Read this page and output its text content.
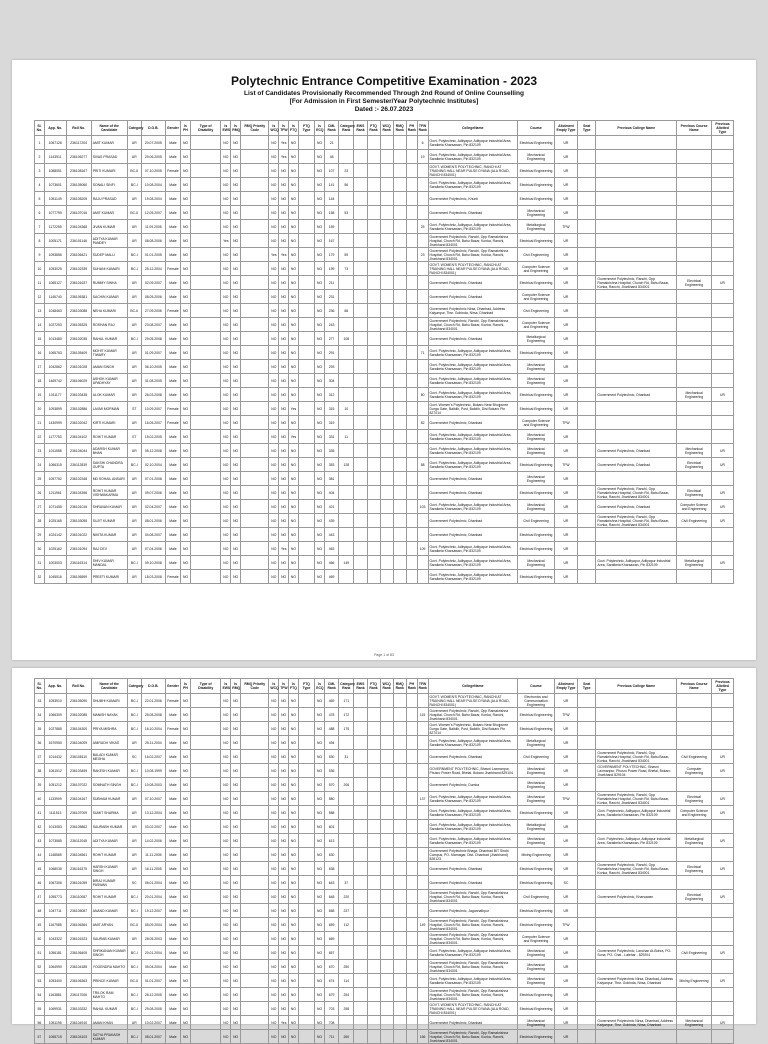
Polytechnic Entrance Competitive Examination - 2023
List of Candidates Provisionally Recommended Through 2nd Round of Online Counselling
[For Admission in First Semester/Year Polytechnic Institutes]
Dated :- 26.07.2023
Sl. No.	App. No.	Roll No.	Name of the Candidate	Category	D.O.B.	Gender	Is PH	Type of Disability	Is EWS	Is RMQ	RMQ Priority Code	Is WCQ	Is TFW	Is FTQ	FTQ Type	Is ECQ	CML Rank	Category Rank	EWS Rank	FTQ Rank	WCQ Rank	RMQ Rank	PH Rank	TFW Rank	CollegeName	Course	Allotment Empty Type	Seat Type	Previous College Name	Previous Course Name	Previous Allotted Type
1	1067126	236117204	AMIT KUMAR	UR	20.07.2005	Male	NO		NO	NO		NO	Yes	NO		NO	21							6	Govt. Polytechnic, Adityapur, Adityapur Industrial Area, Saraikela Kharsawan, Pin 832109	Electrical Engineering	UR				
2	1143911	236106277	SIVAS PRASAD	UR	29.06.2005	Male	NO		NO	NO		NO	Yes	NO		NO	48							19	Govt. Polytechnic, Adityapur, Adityapur Industrial Area, Saraikela Kharsawan, Pin 832109	Mechanical Engineering	UR				
3	1088051	236108167	PRITI KUMARI	BC-II	07.10.2005	Female	NO		NO	NO		NO	NO	NO		NO	107	23							GOVT. WOMEN'S POLYTECHNIC, RANCHI AT TRAINING HALL NEAR PULSE DYANA (ALA ROAD, RANCHI 834001)	Electrical Engineering	UR				
4	1073601	236105060	SONALI SINFI	BC-I	10.08.2004	Male	NO		NO	NO		NO	NO	NO		NO	141	56							Govt. Polytechnic, Adityapur, Adityapur Industrial Area, Saraikela Kharsawan, Pin 832109	Electrical Engineering	UR				
5	1051149	236105205	RAJU PRASAD	UR	19.08.2004	Male	NO		NO	NO		NO	NO	NO		NO	144								Government Polytechnic, Khunti	Electrical Engineering	UR				
6	1077799	236107016	AMIT KUMAR	BC-II	12.05.2007	Male	NO		NO	NO		NO	NO	NO		NO	158	53							Government Polytechnic, Dhanbad	Mechanical Engineering	UR				
7	1172259	236104368	JIVAN KUMAR	UR	11.09.2005	Male	NO		NO	NO		NO	NO	NO		NO	159							25	Govt. Polytechnic, Adityapur, Adityapur Industrial Area, Saraikela Kharsawan, Pin 832109	Metallurgical Engineering	TFW				
8	1005171	236101146	ADITYA KUMAR PANDEY	UR	08.08.2006	Male	NO		Yes	NO		NO	NO	NO		NO	167								Government Polytechnic, Ranchi, Opp Ramakrishna Hospital, Church Rd, Bahu Bazar, Konka, Ranchi, Jharkhand 834001	Electrical Engineering	UR				
9	1093856	236106421	SUDEP MALLI	BC-I	01.01.2005	Male	NO		NO	NO		Yes	Yes	NO		NO	179	59						23	Government Polytechnic, Ranchi, Opp Ramakrishna Hospital, Church Rd, Bahu Bazar, Konka, Ranchi, Jharkhand 834001	Civil Engineering	UR				
10	1053025	236102339	SUHANI KUMARI	BC-I	25.12.2004	Female	NO		NO	NO		NO	NO	NO		NO	199	73							GOVT. WOMEN'S POLYTECHNIC, RANCHI AT TRAINING HALL NEAR PULSE DYANA (ALA ROAD, RANCHI 834001)	Computer Science and Engineering	UR				
11	1065127	236101637	RUMMY SINHA	UR	02.09.2007	Male	NO		NO	NO		NO	NO	NO		NO	211								Government Polytechnic, Dhanbad	Electrical Engineering	UR		Government Polytechnic, Ranchi, Opp Ramakrishna Hospital, Church Rd, Bahu Bazar, Konka, Ranchi, Jharkhand 834001	Electrical Engineering	UR
12	1146740	236106381	SACHIN KUMAR	UR	08.05.2006	Male	NO		NO	NO		NO	NO	NO		NO	231								Government Polytechnic, Dhanbad	Computer Science and Engineering	UR				
13	1048463	236103088	NEHA KUMARI	BC-II	27.09.2006	Female	NO		NO	NO		NO	NO	NO		NO	236	68							Government Polytechnic Nirsa, Dhanbad, Address Kalyanpur, Tbsr. Gobinda, Nirsa, Dhanbad	Civil Engineering	UR				
14	1027253	236105325	ROSHAN RAJ	UR	23.08.2007	Male	NO		NO	NO		NO	NO	NO		NO	243								Government Polytechnic, Ranchi, Opp Ramakrishna Hospital, Church Rd, Bahu Bazar, Konka, Ranchi, Jharkhand 834001	Computer Science and Engineering	UR				
15	1013480	236102035	RAHUL KUMAR	BC-I	29.05.2008	Male	NO		NO	NO		NO	NO	NO		NO	277	108							Government Polytechnic, Dhanbad	Metallurgical Engineering	UR				
16	1065763	236105409	MOHIT KUMAR TIWARY	UR	01.09.2007	Male	NO		NO	NO		NO	NO	NO		NO	291							71	Govt. Polytechnic, Adityapur, Adityapur Industrial Area, Saraikela Kharsawan, Pin 832109	Electrical Engineering	UR				
17	1042862	236101028	AMAN SINGH	UR	06.10.2005	Male	NO		NO	NO		NO	NO	NO		NO	293								Govt. Polytechnic, Adityapur, Adityapur Industrial Area, Saraikela Kharsawan, Pin 832109	Mechanical Engineering	UR				
18	1469742	236106029	ASHOK KUMAR UPADHYAY	UR	31.08.2005	Male	NO		NO	NO		NO	NO	NO		NO	304								Govt. Polytechnic, Adityapur, Adityapur Industrial Area, Saraikela Kharsawan, Pin 832109	Mechanical Engineering	UR				
19	1011177	236103435	ALOK KUMAR	UR	26.03.2008	Male	NO		NO	NO		NO	NO	NO		NO	312							80	Govt. Polytechnic, Adityapur, Adityapur Industrial Area, Saraikela Kharsawan, Pin 832109	Electrical Engineering	UR		Government Polytechnic, Dhanbad	Mechanical Engineering	UR
20	1093899	236102886	LAXMI MORMAN	ST	10.09.2007	Female	NO		NO	NO		NO	NO	Yes		NO	315	10							Govt. Women's Polytechnic, Bokaro Near Bhojpuree Durga Gate, Balidih, Post, Balidih, Dist Bokaro Pin 827014	Electrical Engineering	UR				
21	1430999	236102042	KIRTI KUMARI	UR	16.05.2007	Female	NO		NO	NO		NO	NO	NO		NO	319							82	Government Polytechnic, Dhanbad	Computer Science and Engineering	TFW				
22	1177753	236104102	ROHIT KUMAR	ST	15.02.2005	Male	NO		NO	NO		NO	NO	Yes		NO	331	11							Govt. Polytechnic, Adityapur, Adityapur Industrial Area, Saraikela Kharsawan, Pin 832109	Mechanical Engineering	UR				
23	1011558	236104044	ADARSH KUMAR BHAN	UR	05.12.2008	Male	NO		NO	NO		NO	NO	NO		NO	335								Govt. Polytechnic, Adityapur, Adityapur Industrial Area, Saraikela Kharsawan, Pin 832109	Mechanical Engineering	UR		Government Polytechnic, Dhanbad	Mechanical Engineering	UR
24	1066315	236112839	SAKSHI CHANDRA GUPTA	BC-I	02.10.2004	Male	NO		NO	NO		NO	NO	NO		NO	353	128						88	Govt. Polytechnic, Adityapur, Adityapur Industrial Area, Saraikela Kharsawan, Pin 832109	Electrical Engineering	TFW		Government Polytechnic, Dhanbad	Electrical Engineering	UR
25	1057752	236102348	MD SOHAIL ANSARI	UR	07.01.2008	Male	NO		NO	NO		NO	NO	NO		NO	381								Government Polytechnic, Dhanbad	Mechanical Engineering	UR				
26	1211961	236104396	ROHIT KUMAR VISHWAKARMA	UR	09.07.2006	Male	NO		NO	NO		NO	NO	NO		NO	404								Government Polytechnic, Dhanbad	Electrical Engineering	UR		Government Polytechnic, Ranchi, Opp Ramakrishna Hospital, Church Rd, Bahu Bazar, Konka, Ranchi, Jharkhand 834001	Electrical Engineering	UR
27	1071455	236101016	SHRAVAN KUMAR	UR	02.04.2007	Male	NO		NO	NO		NO	NO	NO		NO	421							103	Govt. Polytechnic, Adityapur, Adityapur Industrial Area, Saraikela Kharsawan, Pin 832109	Mechanical Engineering	UR		Government Polytechnic, Dhanbad	Computer Science and Engineering	UR
28	1025165	236103055	SUJIT KUMAR	UR	08.01.2006	Male	NO		NO	NO		NO	NO	NO		NO	439								Government Polytechnic, Dhanbad	Civil Engineering	UR		Government Polytechnic, Ranchi, Opp Ramakrishna Hospital, Church Rd, Bahu Bazar, Konka, Ranchi, Jharkhand 834001	Civil Engineering	UR
29	1024142	236101022	NIKITA KUMAR	UR	04.08.2007	Male	NO		NO	NO		NO	NO	NO		NO	443								Government Polytechnic, Dhanbad	Electrical Engineering	UR				
30	1025162	236101094	RAJ DEV	UR	07.04.2006	Male	NO		NO	NO		NO	Yes	NO		NO	463							109	Govt. Polytechnic, Adityapur, Adityapur Industrial Area, Saraikela Kharsawan, Pin 832109	Electrical Engineering	UR				
31	1003003	236116314	SHIV KUMAR MANDAL	BC-I	09.10.2008	Male	NO		NO	NO		NO	NO	NO		NO	466	149							Govt. Polytechnic, Adityapur, Adityapur Industrial Area, Saraikela Kharsawan, Pin 832109	Mechanical Engineering	UR		Govt. Polytechnic, Adityapur, Adityapur Industrial Area, Saraikela Kharsawan, Pin 832109	Metallurgical Engineering	UR
32	1045516	236106599	PREETI KUMARI	UR	18.03.2008	Female	NO		NO	NO		NO	NO	NO		NO	469								Govt. Polytechnic, Adityapur, Adityapur Industrial Area, Saraikela Kharsawan, Pin 832109	Electrical Engineering	UR				
Page 1 of 83
Sl. No.	App. No.	Roll No.	Name of the Candidate	Category	D.O.B.	Gender	Is PH	Type of Disability	Is EWS	Is RMQ	RMQ Priority Code	Is WCQ	Is TFW	Is FTQ	FTQ Type	Is ECQ	CML Rank	Category Rank	EWS Rank	FTQ Rank	WCQ Rank	RMQ Rank	PH Rank	TFW Rank	CollegeName	Course	Allotment Empty Type	Seat Type	Previous College Name	Previous Course Name	Previous Allotted Type
33	1053910	236105090	SHUBHI KUMARI	BC-I	22.01.2006	Female	NO		NO	NO		NO	NO	NO		NO	469	171							GOVT. WOMEN'S POLYTECHNIC, RANCHI AT TRAINING HALL NEAR PULSE DYANA (ALA ROAD, RANCHI 834001)	Electronics and Communication Engineering	UR				
34	1066309	236102085	MANISH NAYAK	BC-I	25.08.2008	Male	NO		NO	NO		NO	NO	NO		NO	478	172						115	Government Polytechnic, Ranchi, Opp Ramakrishna Hospital, Church Rd, Bahu Bazar, Konka, Ranchi, Jharkhand 834001	Electrical Engineering	TFW				
35	1027885	236104300	PRIYA MISHRA	BC-I	16.10.2004	Female	NO		NO	NO		NO	NO	NO		NO	488	175							Govt. Women's Polytechnic, Bokaro Near Bhojpuree Durga Gate, Balidih, Post, Balidih, Dist Bokaro Pin 827014	Electrical Engineering	UR				
36	1670950	236104009	ANIRUDH VIKAS	UR	25.11.2004	Male	NO		NO	NO		NO	NO	NO		NO	494								Govt. Polytechnic, Adityapur, Adityapur Industrial Area, Saraikela Kharsawan, Pin 832109	Metallurgical Engineering	UR				
37	1014432	236108110	BALADI KUMAR MEGHA	SC	16.02.2007	Male	NO		NO	NO		NO	NO	NO		NO	530	31							Government Polytechnic, Dhanbad	Civil Engineering	UR		Government Polytechnic, Ranchi, Opp Ramakrishna Hospital, Church Rd, Bahu Bazar, Konka, Ranchi, Jharkhand 834001	Civil Engineering	UR
38	1061512	236103459	RAKESH KUMAR	BC-I	10.08.1999	Male	NO		NO	NO		NO	NO	NO		NO	536								GOVERNMENT POLYTECHNIC, Bhavni Laxmanpur, Phusro Power Road, Bhelai, Bokaro Jharkhand 829104	Mechanical Engineering	UR		GOVERNMENT POLYTECHNIC, Bhavni Laxmanpur, Phusro Power Road, Bhelai, Bokaro Jharkhand 829104	Computer Engineering	UR
39	1051212	236107022	SOMNATH SINGH	BC-I	10.08.2003	Male	NO		NO	NO		NO	NO	NO		NO	570	206							Government Polytechnic, Dumka	Mechanical Engineering	UR				
40	1133909	236104167	SUBHAM KUMAR	UR	07.10.2007	Male	NO		NO	NO		NO	NO	NO		NO	580							137	Govt. Polytechnic, Adityapur, Adityapur Industrial Area, Saraikela Kharsawan, Pin 832109	Mechanical Engineering	TFW		Government Polytechnic, Ranchi, Opp Ramakrishna Hospital, Church Rd, Bahu Bazar, Konka, Ranchi, Jharkhand 834001	Electrical Engineering	UR
41	1111513	236107009	SUMIT SHARMA	UR	13.12.2004	Male	NO		NO	NO		NO	NO	NO		NO	588								Govt. Polytechnic, Adityapur, Adityapur Industrial Area, Saraikela Kharsawan, Pin 832109	Electrical Engineering	UR		Govt. Polytechnic, Adityapur, Adityapur Industrial Area, Saraikela Kharsawan, Pin 832109	Computer Science and Engineering	UR
42	1013083	236105862	SAURABH KUMAR	UR	03.02.2007	Male	NO		NO	NO		NO	NO	NO		NO	601								Govt. Polytechnic, Adityapur, Adityapur Industrial Area, Saraikela Kharsawan, Pin 832109	Metallurgical Engineering	UR				
43	1073585	236112045	ADITYA KUMAR	UR	14.02.2006	Male	NO		NO	NO		NO	NO	NO		NO	613								Govt. Polytechnic, Adityapur, Adityapur Industrial Area, Saraikela Kharsawan, Pin 832109	Mechanical Engineering	UR		Govt. Polytechnic, Adityapur, Adityapur Industrial Area, Saraikela Kharsawan, Pin 832109	Metallurgical Engineering	UR
44	1148565	236104561	ROHIT KUMAR	UR	11.11.2005	Male	NO		NO	NO		NO	NO	NO		NO	630								Government Polytechnic Bhaga, Dhanbad BIT Sindri Campus, PO- Marnagar, Dist- Dhanbad (Jharkhand) 828123	Mining Engineering	UR				
45	1068035	236116375	HARSH KUMAR SINGH	UR	16.11.2005	Male	NO		NO	NO		NO	NO	NO		NO	638								Government Polytechnic, Dhanbad	Electrical Engineering	UR		Government Polytechnic, Ranchi, Opp Ramakrishna Hospital, Church Rd, Bahu Bazar, Konka, Ranchi, Jharkhand 834001	Electrical Engineering	UR
46	1067306	236101059	BIRAJ KUMAR PASWAN	SC	06.01.2004	Male	NO		NO	NO		NO	NO	NO		NO	643	37							Government Polytechnic, Dhanbad	Electrical Engineering	SC				
47	1055773	236110087	ROHIT KUMAR	BC-I	20.01.2004	Male	NO		NO	NO		NO	NO	NO		NO	648	220							Government Polytechnic, Ranchi, Opp Ramakrishna Hospital, Church Rd, Bahu Bazar, Konka, Ranchi, Jharkhand 834001	Civil Engineering	UR		Government Polytechnic, Kharsawan	Electrical Engineering	UR
48	1047711	236105087	ANAND KUMAR	BC-I	19.12.2007	Male	NO		NO	NO		NO	NO	NO		NO	658	237							Government Polytechnic, Jagannathpur	Electrical Engineering	UR				
49	1167985	236106364	AMIT ARYAN	BC-II	05.09.2004	Male	NO		NO	NO		NO	NO	NO		NO	659	112						149	Government Polytechnic, Ranchi, Opp Ramakrishna Hospital, Church Rd, Bahu Bazar, Konka, Ranchi, Jharkhand 834001	Electrical Engineering	TFW				
50	1043322	236101523	SAURAB KUMAR	UR	28.05.2003	Male	NO		NO	NO		NO	NO	NO		NO	669								Government Polytechnic, Ranchi, Opp Ramakrishna Hospital, Church Rd, Bahu Bazar, Konka, Ranchi, Jharkhand 834001	Computer Science and Engineering	UR				
51	1056181	236106405	SHRIKANAN KUMAR SINGH	BC-I	20.01.2004	Male	NO		NO	NO		NO	NO	NO		NO	657								Govt. Polytechnic, Adityapur, Adityapur Industrial Area, Saraikela Kharsawan, Pin 832109	Mechanical Engineering	UR		Government Polytechnic, Lanchan At-Bohra, PO- Sona, PO- Chai - Latehar - 829204	Civil Engineering	UR
52	1064990	236104185	YOGENDRA MAHTO	BC-I	05.04.2004	Male	NO		NO	NO		NO	NO	NO		NO	670	250							Government Polytechnic, Ranchi, Opp Ramakrishna Hospital, Church Rd, Bahu Bazar, Konka, Ranchi, Jharkhand 834001	Mechanical Engineering	UR				
53	1053400	236106363	PRINCE KUMAR	BC-II	01.01.2007	Male	NO		NO	NO		NO	NO	NO		NO	674	114							Govt. Polytechnic, Adityapur, Adityapur Industrial Area, Saraikela Kharsawan, Pin 832109	Mechanical Engineering	UR		Government Polytechnic Nirsa, Dhanbad, Address Kalyanpur, Tbsr. Gobinda, Nirsa, Dhanbad	Mining Engineering	UR
54	1163881	236117006	TRILOK RAM MAHTO	BC-I	28.12.2005	Male	NO		NO	NO		NO	NO	NO		NO	679	254							Government Polytechnic, Ranchi, Opp Ramakrishna Hospital, Church Rd, Bahu Bazar, Konka, Ranchi, Jharkhand 834001	Electrical Engineering	UR				
55	1069931	236103332	RAHUL KUMAR	BC-I	29.08.2005	Male	NO		NO	NO		NO	NO	NO		NO	703	258							GOVT. WOMEN'S POLYTECHNIC, RANCHI AT TRAINING HALL NEAR PULSE DYANA (ALA ROAD, RANCHI 834001)	Electrical Engineering	UR				
56	1051195	236104910	AMAN KHAN	UR	10.02.2007	Male	NO		NO	NO		NO	Yes	NO		NO	708								Government Polytechnic, Dhanbad	Mechanical Engineering	UR		Government Polytechnic Nirsa, Dhanbad, Address Kalyanpur, Tbsr. Gobinda, Nirsa, Dhanbad	Mechanical Engineering	UR
57	1065715	236104103	SATYA PRAKASH KUMAR	BC-I	08.01.2007	Male	NO		NO	NO		NO	NO	NO		NO	711	260						166	Government Polytechnic, Ranchi, Opp Ramakrishna Hospital, Church Rd, Bahu Bazar, Konka, Ranchi, Jharkhand 834001	Electrical Engineering	UR				
